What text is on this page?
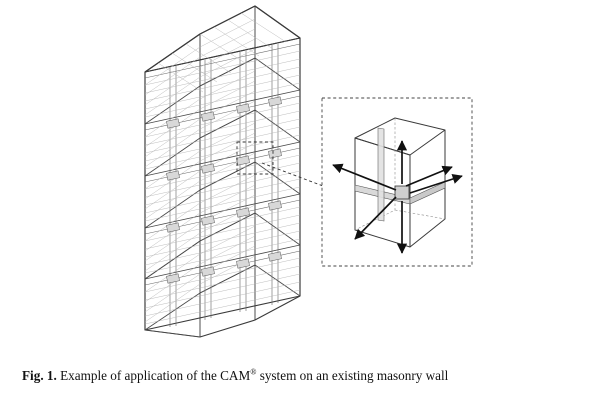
Fig. 1. Example of application of the CAM® system on an existing masonry wall
